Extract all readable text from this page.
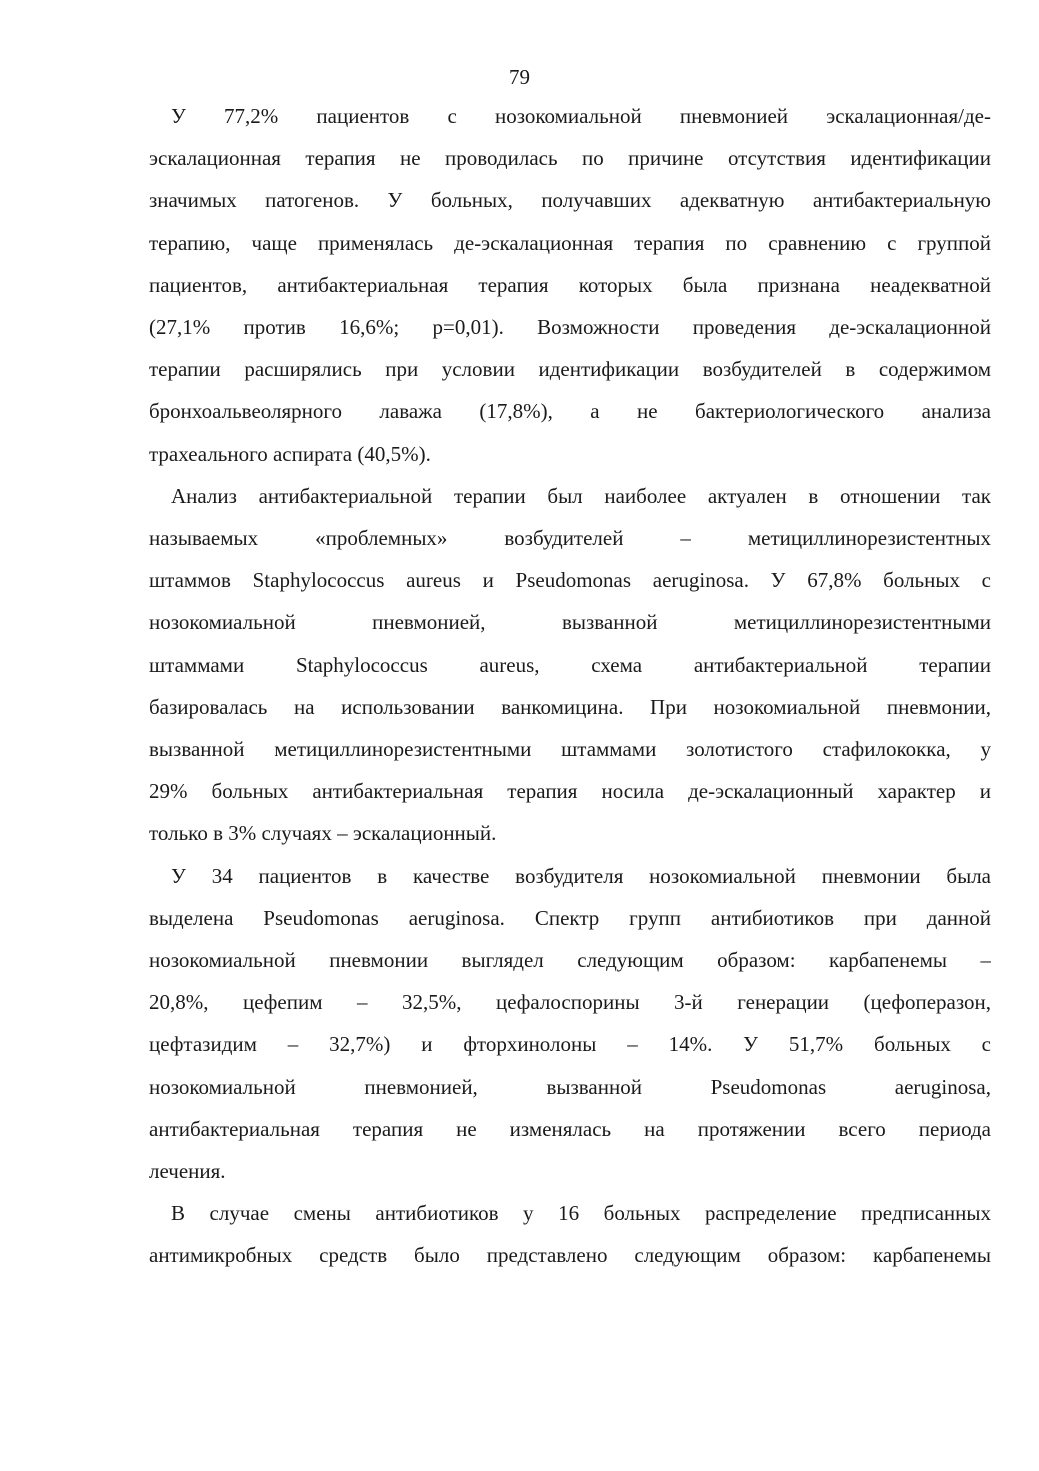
79
У 77,2% пациентов с нозокомиальной пневмонией эскалационная/де-
эскалационная терапия не проводилась по причине отсутствия идентификации
значимых патогенов. У больных, получавших адекватную антибактериальную
терапию, чаще применялась де-эскалационная терапия по сравнению с группой
пациентов, антибактериальная терапия которых была признана неадекватной
(27,1% против 16,6%; p=0,01). Возможности проведения де-эскалационной
терапии расширялись при условии идентификации возбудителей в содержимом
бронхоальвеолярного лаважа (17,8%), а не бактериологического анализа
трахеального аспирата (40,5%).
Анализ антибактериальной терапии был наиболее актуален в отношении так
называемых «проблемных» возбудителей – метициллинорезистентных
штаммов Staphylococcus aureus и Pseudomonas aeruginosa. У 67,8% больных с
нозокомиальной пневмонией, вызванной метициллинорезистентными
штаммами Staphylococcus aureus, схема антибактериальной терапии
базировалась на использовании ванкомицина. При нозокомиальной пневмонии,
вызванной метициллинорезистентными штаммами золотистого стафилококка, у
29% больных антибактериальная терапия носила де-эскалационный характер и
только в 3% случаях – эскалационный.
У 34 пациентов в качестве возбудителя нозокомиальной пневмонии была
выделена Pseudomonas aeruginosa. Спектр групп антибиотиков при данной
нозокомиальной пневмонии выглядел следующим образом: карбапенемы –
20,8%, цефепим – 32,5%, цефалоспорины 3-й генерации (цефоперазон,
цефтазидим – 32,7%) и фторхинолоны – 14%. У 51,7% больных с
нозокомиальной пневмонией, вызванной Pseudomonas aeruginosa,
антибактериальная терапия не изменялась на протяжении всего периода
лечения.
В случае смены антибиотиков у 16 больных распределение предписанных
антимикробных средств было представлено следующим образом: карбапенемы
